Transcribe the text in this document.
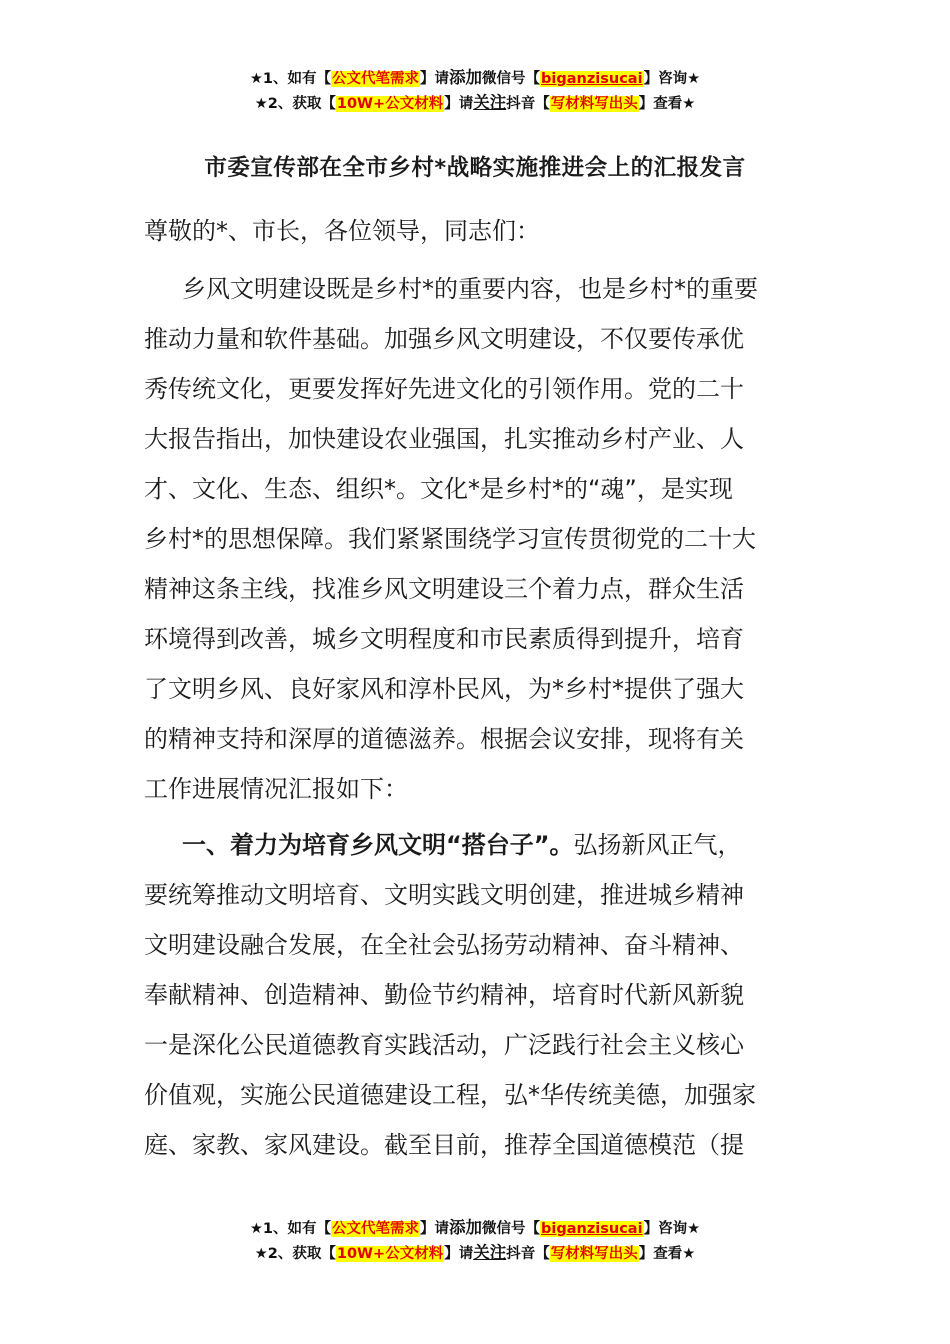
★1、如有【公文代笔需求】请添加微信号【biganzisucai】咨询★
★2、获取【10W+公文材料】请关注抖音【写材料写出头】查看★
市委宣传部在全市乡村*战略实施推进会上的汇报发言
尊敬的*、市长，各位领导，同志们：
乡风文明建设既是乡村*的重要内容，也是乡村*的重要
推动力量和软件基础。加强乡风文明建设，不仅要传承优
秀传统文化，更要发挥好先进文化的引领作用。党的二十
大报告指出，加快建设农业强国，扎实推动乡村产业、人
才、文化、生态、组织*。文化*是乡村*的“魂”，是实现
乡村*的思想保障。我们紧紧围绕学习宣传贯彻党的二十大
精神这条主线，找准乡风文明建设三个着力点，群众生活
环境得到改善，城乡文明程度和市民素质得到提升，培育
了文明乡风、良好家风和淳朴民风，为*乡村*提供了强大
的精神支持和深厚的道德滋养。根据会议安排，现将有关
工作进展情况汇报如下：
一、着力为培育乡风文明“搭台子”。弘扬新风正气，
要统筹推动文明培育、文明实践文明创建，推进城乡精神
文明建设融合发展，在全社会弘扬劳动精神、奋斗精神、
奉献精神、创造精神、勤俭节约精神，培育时代新风新貌
一是深化公民道德教育实践活动，广泛践行社会主义核心
价值观，实施公民道德建设工程，弘*华传统美德，加强家
庭、家教、家风建设。截至目前，推荐全国道德模范（提
★1、如有【公文代笔需求】请添加微信号【biganzisucai】咨询★
★2、获取【10W+公文材料】请关注抖音【写材料写出头】查看★
